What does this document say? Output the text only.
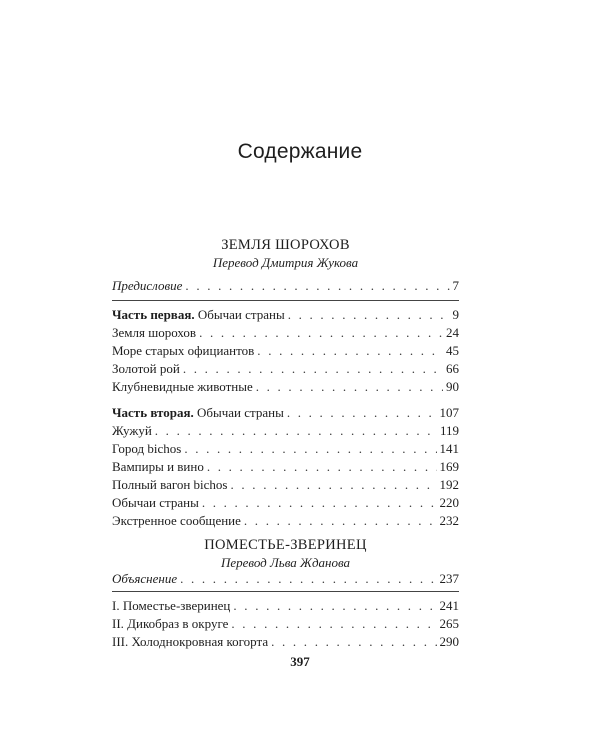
Содержание
ЗЕМЛЯ ШОРОХОВ
Перевод Дмитрия Жукова
Предисловие . . .	7
Часть первая. Обычаи страны . . .	9
Земля шорохов . . .	24
Море старых официантов . . .	45
Золотой рой . . .	66
Клубневидные животные . . .	90
Часть вторая. Обычаи страны . . .	107
Жужуй . . .	119
Город bichos . . .	141
Вампиры и вино . . .	169
Полный вагон bichos . . .	192
Обычаи страны . . .	220
Экстренное сообщение . . .	232
ПОМЕСТЬЕ-ЗВЕРИНЕЦ
Перевод Льва Жданова
Объяснение . . .	237
I. Поместье-зверинец . . .	241
II. Дикобраз в округе . . .	265
III. Холоднокровная когорта . . .	290
397
